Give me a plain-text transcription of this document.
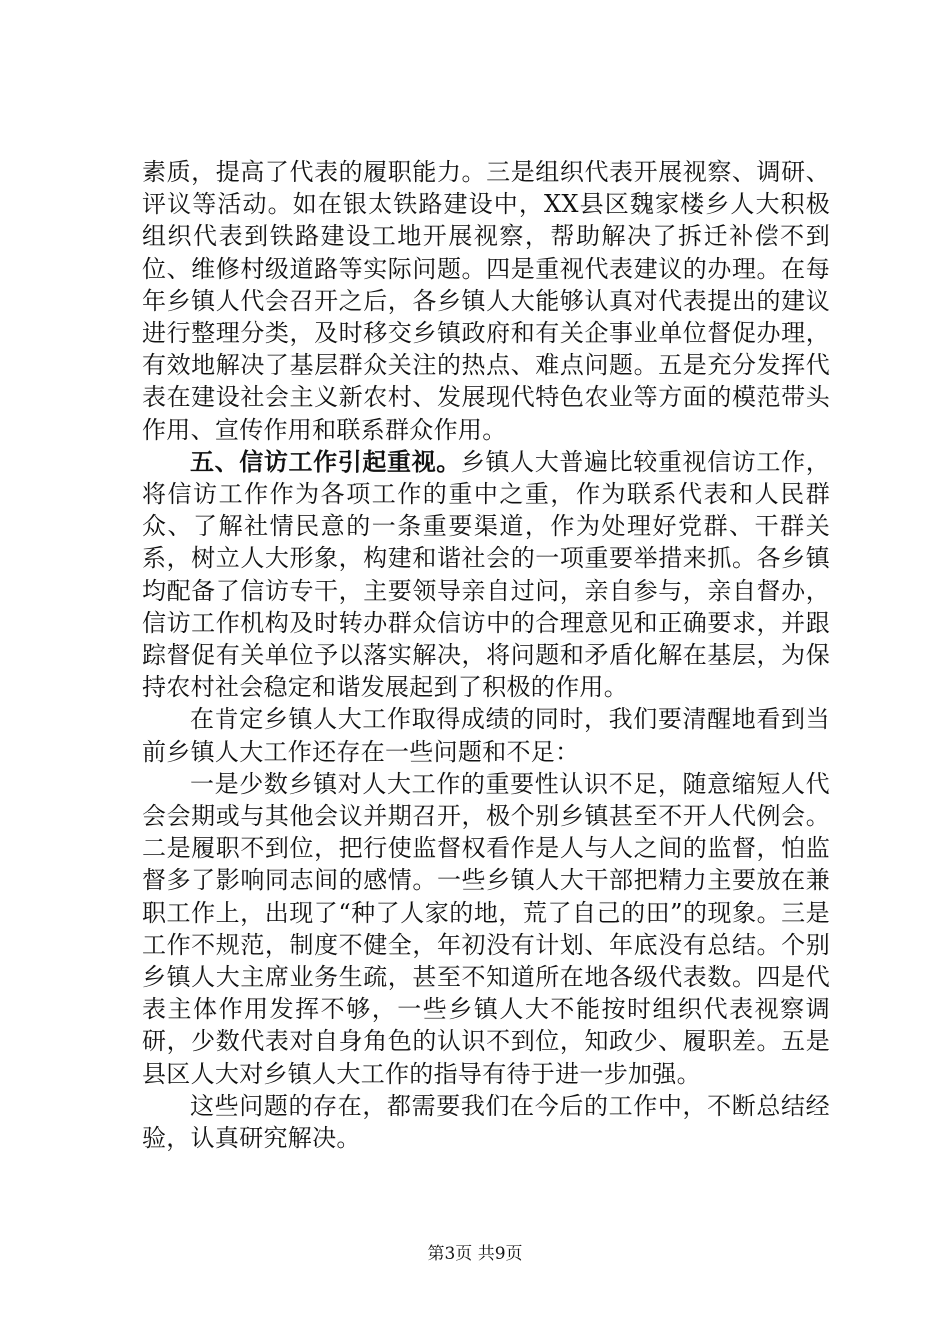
素质，提高了代表的履职能力。三是组织代表开展视察、调研、评议等活动。如在银太铁路建设中，XX县区魏家楼乡人大积极组织代表到铁路建设工地开展视察，帮助解决了拆迁补偿不到位、维修村级道路等实际问题。四是重视代表建议的办理。在每年乡镇人代会召开之后，各乡镇人大能够认真对代表提出的建议进行整理分类，及时移交乡镇政府和有关企事业单位督促办理，有效地解决了基层群众关注的热点、难点问题。五是充分发挥代表在建设社会主义新农村、发展现代特色农业等方面的模范带头作用、宣传作用和联系群众作用。

五、信访工作引起重视。乡镇人大普遍比较重视信访工作，将信访工作作为各项工作的重中之重，作为联系代表和人民群众、了解社情民意的一条重要渠道，作为处理好党群、干群关系，树立人大形象，构建和谐社会的一项重要举措来抓。各乡镇均配备了信访专干，主要领导亲自过问，亲自参与，亲自督办，信访工作机构及时转办群众信访中的合理意见和正确要求，并跟踪督促有关单位予以落实解决，将问题和矛盾化解在基层，为保持农村社会稳定和谐发展起到了积极的作用。

在肯定乡镇人大工作取得成绩的同时，我们要清醒地看到当前乡镇人大工作还存在一些问题和不足：

一是少数乡镇对人大工作的重要性认识不足，随意缩短人代会会期或与其他会议并期召开，极个别乡镇甚至不开人代例会。二是履职不到位，把行使监督权看作是人与人之间的监督，怕监督多了影响同志间的感情。一些乡镇人大干部把精力主要放在兼职工作上，出现了“种了人家的地，荒了自己的田”的现象。三是工作不规范，制度不健全，年初没有计划、年底没有总结。个别乡镇人大主席业务生疏，甚至不知道所在地各级代表数。四是代表主体作用发挥不够，一些乡镇人大不能按时组织代表视察调研，少数代表对自身角色的认识不到位，知政少、履职差。五是县区人大对乡镇人大工作的指导有待于进一步加强。

这些问题的存在，都需要我们在今后的工作中，不断总结经验，认真研究解决。

第3页 共9页
